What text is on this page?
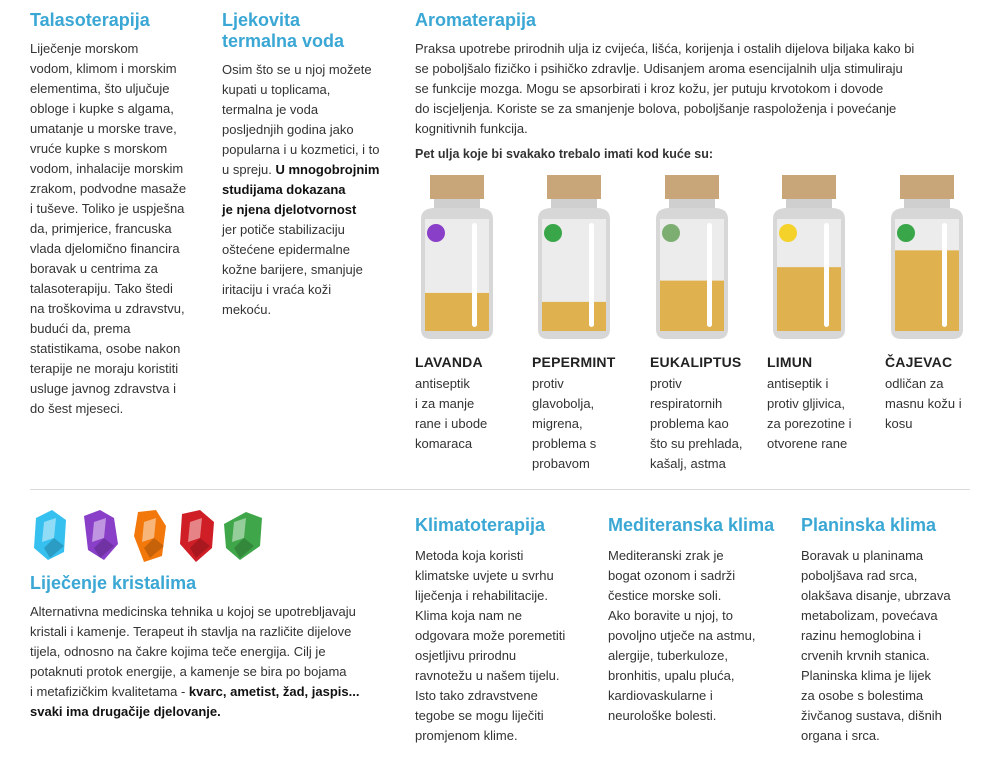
Talasoterapija

Liječenje morskom
vodom, klimom i morskim
elementima, što uljučuje
obloge i kupke s algama,
umatanje u morske trave,
vruće kupke s morskom
vodom, inhalacije morskim
zrakom, podvodne masaže
i tuševe. Toliko je uspješna
da, primjerice, francuska
vlada djelomično financira
boravak u centrima za
talasoterapiju. Tako štedi
na troškovima u zdravstvu,
budući da, prema
statistikama, osobe nakon
terapije ne moraju koristiti
usluge javnog zdravstva i
do šest mjeseci.

Ljekovita
termalna voda

Osim što se u njoj možete
kupati u toplicama,
termalna je voda
posljednjih godina jako
popularna i u kozmetici, i to
u spreju. U mnogobrojnim
studijama dokazana
je njena djelotvornost
jer potiče stabilizaciju
oštećene epidermalne
kožne barijere, smanjuje
iritaciju i vraća koži
mekoću.

Aromaterapija

Praksa upotrebe prirodnih ulja iz cvijeća, lišća, korijenja i ostalih dijelova biljaka kako bi
se poboljšalo fizičko i psihičko zdravlje. Udisanjem aroma esencijalnih ulja stimuliraju
se funkcije mozga. Mogu se apsorbirati i kroz kožu, jer putuju krvotokom i dovode
do iscjeljenja. Koriste se za smanjenje bolova, poboljšanje raspoloženja i povećanje
kognitivnih funkcija.

Pet ulja koje bi svakako trebalo imati kod kuće su:
LAVANDA
antiseptik
i za manje
rane i ubode
komaraca
PEPERMINT
protiv
glavobolja,
migrena,
problema s
probavom
EUKALIPTUS
protiv
respiratornih
problema kao
što su prehlada,
kašalj, astma
LIMUN
antiseptik i
protiv gljivica,
za porezotine i
otvorene rane
ČAJEVAC
odličan za
masnu kožu i
kosu
Liječenje kristalima

Alternativna medicinska tehnika u kojoj se upotrebljavaju
kristali i kamenje. Terapeut ih stavlja na različite dijelove
tijela, odnosno na čakre kojima teče energija. Cilj je
potaknuti protok energije, a kamenje se bira po bojama
i metafizičkim kvalitetama - kvarc, ametist, žad, jaspis...
svaki ima drugačije djelovanje.

Klimatoterapija

Metoda koja koristi
klimatske uvjete u svrhu
liječenja i rehabilitacije.
Klima koja nam ne
odgovara može poremetiti
osjetljivu prirodnu
ravnotežu u našem tijelu.
Isto tako zdravstvene
tegobe se mogu liječiti
promjenom klime.

Mediteranska klima

Mediteranski zrak je
bogat ozonom i sadrži
čestice morske soli.
Ako boravite u njoj, to
povoljno utječe na astmu,
alergije, tuberkuloze,
bronhitis, upalu pluća,
kardiovaskularne i
neurološke bolesti.

Planinska klima

Boravak u planinama
poboljšava rad srca,
olakšava disanje, ubrzava
metabolizam, povećava
razinu hemoglobina i
crvenih krvnih stanica.
Planinska klima je lijek
za osobe s bolestima
živčanog sustava, dišnih
organa i srca.
